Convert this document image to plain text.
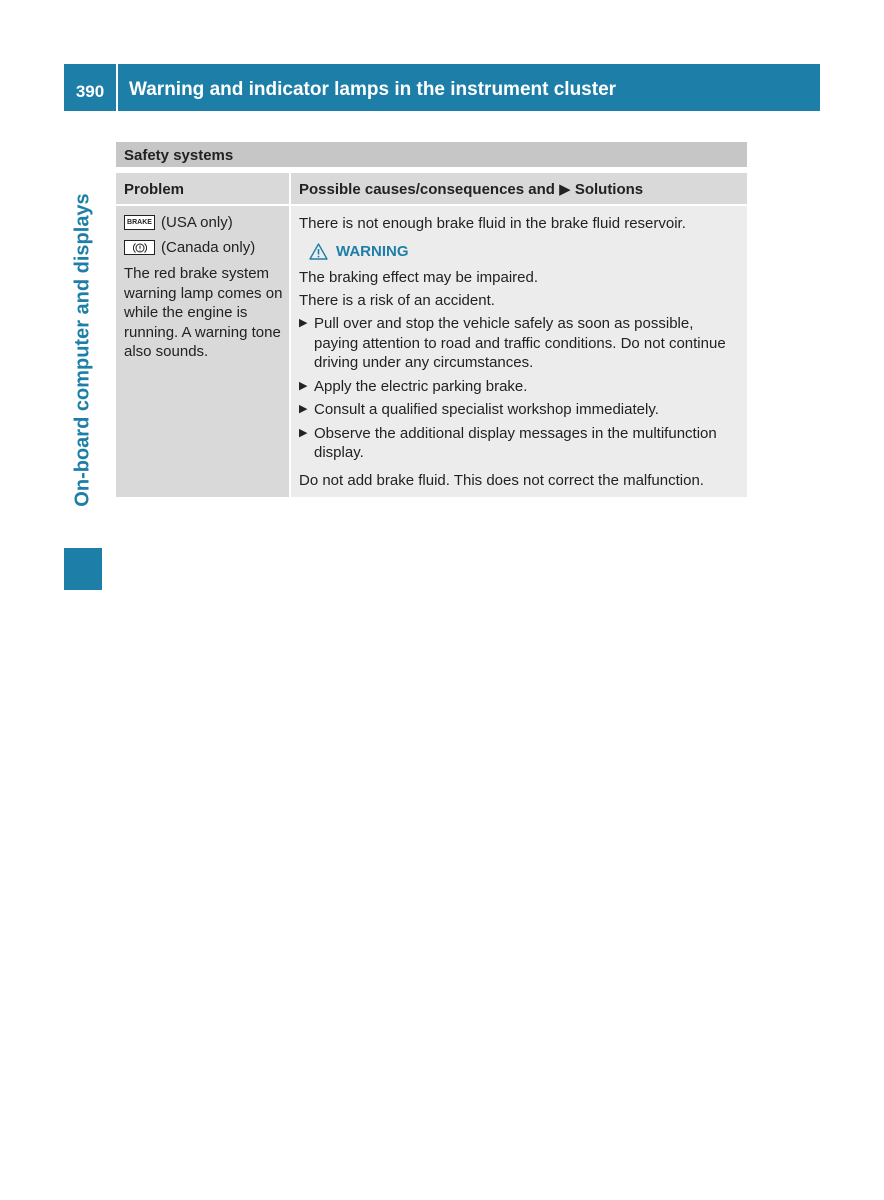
390	Warning and indicator lamps in the instrument cluster
On-board computer and displays
Safety systems
Problem	Possible causes/consequences and ▶ Solutions
BRAKE (USA only)
(Canada only)
The red brake system warning lamp comes on while the engine is running. A warning tone also sounds.

There is not enough brake fluid in the brake fluid reservoir.

WARNING

The braking effect may be impaired.

There is a risk of an accident.

▶ Pull over and stop the vehicle safely as soon as possible, paying attention to road and traffic conditions. Do not continue driving under any circumstances.
▶ Apply the electric parking brake.
▶ Consult a qualified specialist workshop immediately.
▶ Observe the additional display messages in the multifunction display.

Do not add brake fluid. This does not correct the malfunction.
